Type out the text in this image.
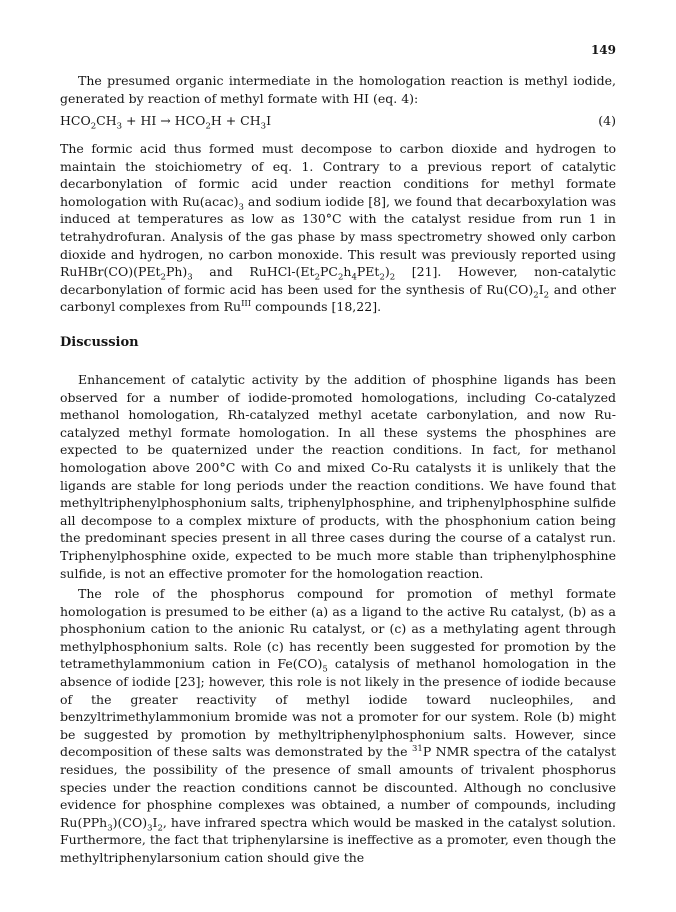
149

The presumed organic intermediate in the homologation reaction is methyl iodide, generated by reaction of methyl formate with HI (eq. 4):

$HCO_2CH_3$ + HI → $HCO_2H + CH_3I$	(4)

The formic acid thus formed must decompose to carbon dioxide and hydrogen to maintain the stoichiometry of eq. 1. Contrary to a previous report of catalytic decarbonylation of formic acid under reaction conditions for methyl formate homologation with $Ru(acac)_3$ and sodium iodide [8], we found that decarboxylation was induced at temperatures as low as 130°C with the catalyst residue from run 1 in tetrahydrofuran. Analysis of the gas phase by mass spectrometry showed only carbon dioxide and hydrogen, no carbon monoxide. This result was previously reported using $RuHBr(CO)(PEt_2Ph)_3$ and RuHCl-$(Et_2PC_2h_4PEt_2)_2$ [21]. However, non-catalytic decarbonylation of formic acid has been used for the synthesis of $Ru(CO)_2I_2$ and other carbonyl complexes from $Ru^{III}$ compounds [18,22].

Discussion

Enhancement of catalytic activity by the addition of phosphine ligands has been observed for a number of iodide-promoted homologations, including Co-catalyzed methanol homologation, Rh-catalyzed methyl acetate carbonylation, and now Ru-catalyzed methyl formate homologation. In all these systems the phosphines are expected to be quaternized under the reaction conditions. In fact, for methanol homologation above 200°C with Co and mixed Co-Ru catalysts it is unlikely that the ligands are stable for long periods under the reaction conditions. We have found that methyltriphenylphosphonium salts, triphenylphosphine, and triphenylphosphine sulfide all decompose to a complex mixture of products, with the phosphonium cation being the predominant species present in all three cases during the course of a catalyst run. Triphenylphosphine oxide, expected to be much more stable than triphenylphosphine sulfide, is not an effective promoter for the homologation reaction.

The role of the phosphorus compound for promotion of methyl formate homologation is presumed to be either (a) as a ligand to the active Ru catalyst, (b) as a phosphonium cation to the anionic Ru catalyst, or (c) as a methylating agent through methylphosphonium salts. Role (c) has recently been suggested for promotion by the tetramethylammonium cation in $Fe(CO)_5$ catalysis of methanol homologation in the absence of iodide [23]; however, this role is not likely in the presence of iodide because of the greater reactivity of methyl iodide toward nucleophiles, and benzyltrimethylammonium bromide was not a promoter for our system. Role (b) might be suggested by promotion by methyltriphenylphosphonium salts. However, since decomposition of these salts was demonstrated by the $^{31}$P NMR spectra of the catalyst residues, the possibility of the presence of small amounts of trivalent phosphorus species under the reaction conditions cannot be discounted. Although no conclusive evidence for phosphine complexes was obtained, a number of compounds, including $Ru(PPh_3)(CO)_3I_2$, have infrared spectra which would be masked in the catalyst solution. Furthermore, the fact that triphenylarsine is ineffective as a promoter, even though the methyltriphenylarsonium cation should give the
